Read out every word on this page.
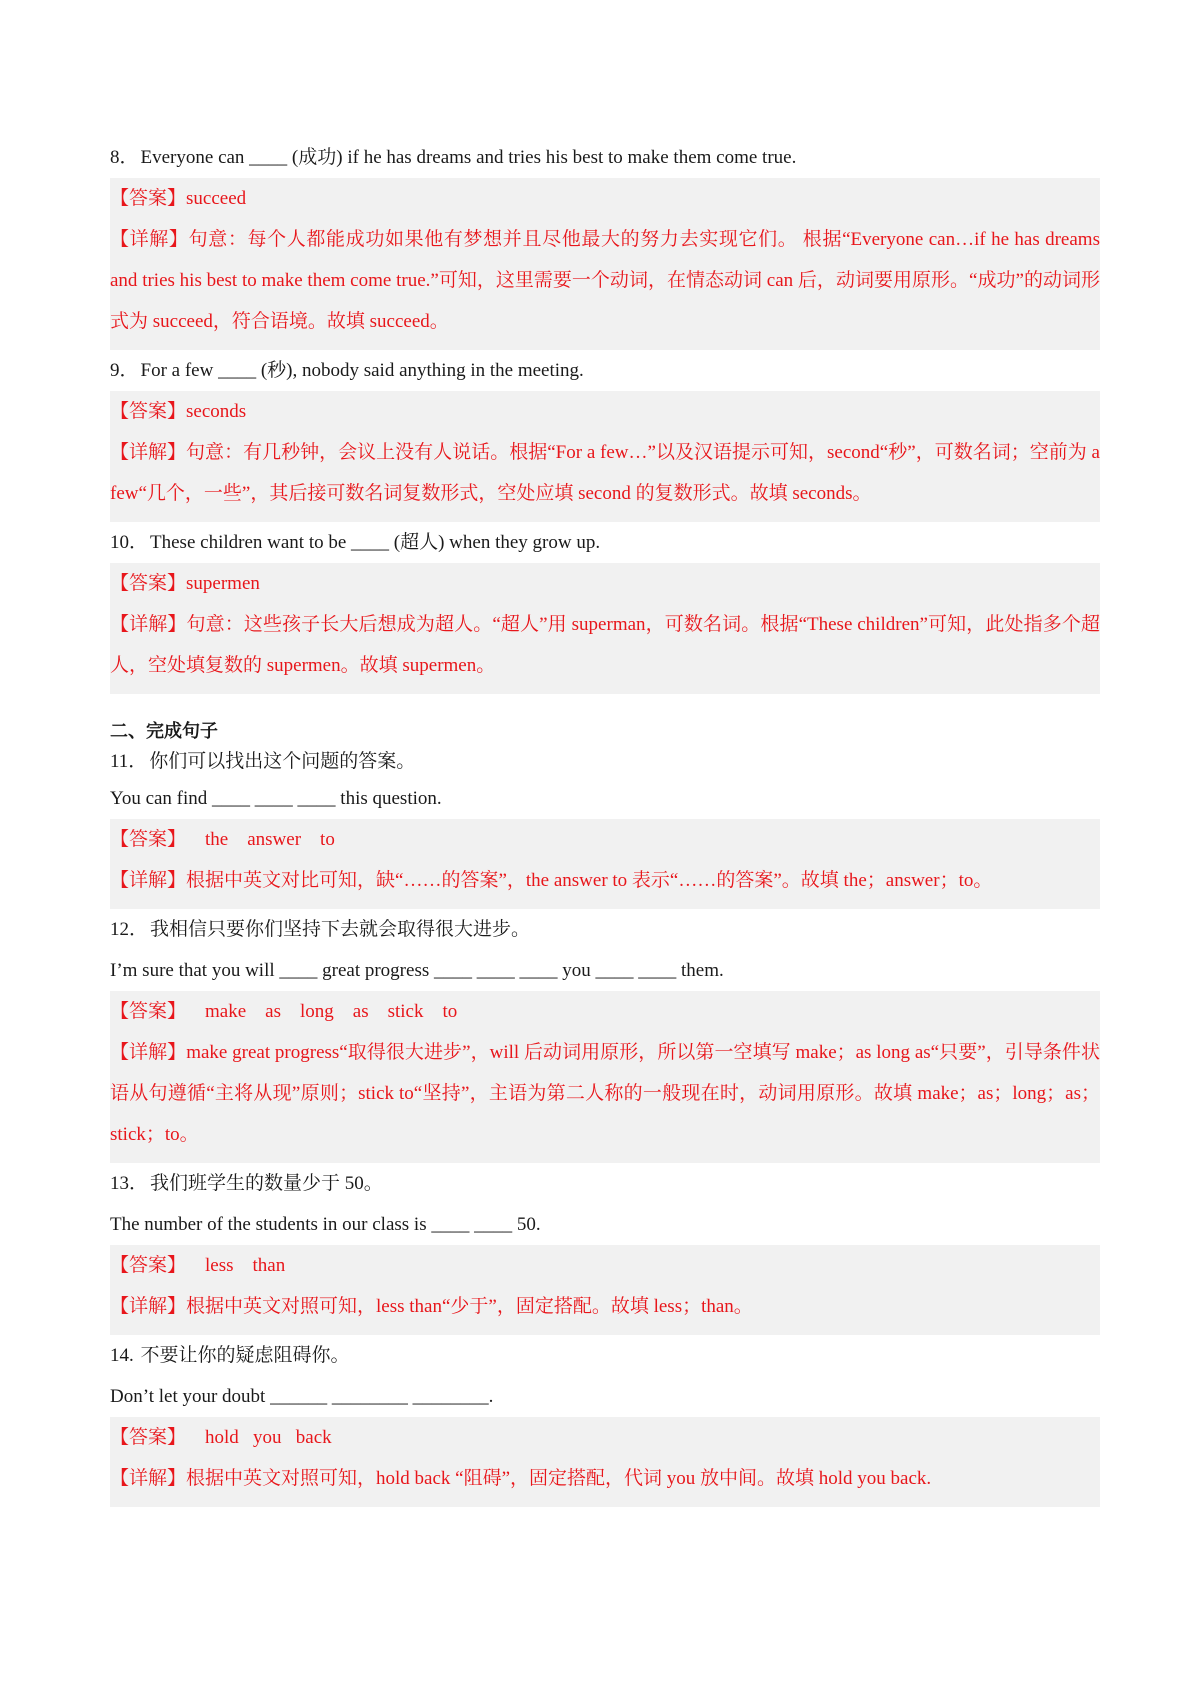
8． Everyone can ____ (成功) if he has dreams and tries his best to make them come true.
【答案】succeed
【详解】句意：每个人都能成功如果他有梦想并且尽他最大的努力去实现它们。 根据“Everyone can…if he has dreams and tries his best to make them come true.”可知，这里需要一个动词，在情态动词 can 后，动词要用原形。“成功”的动词形式为 succeed，符合语境。故填 succeed。
9． For a few ____ (秒), nobody said anything in the meeting.
【答案】seconds
【详解】句意：有几秒钟，会议上没有人说话。根据“For a few…”以及汉语提示可知，second“秒”，可数名词；空前为 a few“几个，一些”，其后接可数名词复数形式，空处应填 second 的复数形式。故填 seconds。
10． These children want to be ____ (超人) when they grow up.
【答案】supermen
【详解】句意：这些孩子长大后想成为超人。“超人”用 superman，可数名词。根据“These children”可知，此处指多个超人，空处填复数的 supermen。故填 supermen。
二、完成句子
11． 你们可以找出这个问题的答案。
You can find ____ ____ ____ this question.
【答案】 the answer to
【详解】根据中英文对比可知，缺“……的答案”，the answer to 表示“……的答案”。故填 the；answer；to。
12． 我相信只要你们坚持下去就会取得很大进步。
I’m sure that you will ____ great progress ____ ____ ____ you ____ ____ them.
【答案】 make as long as stick to
【详解】make great progress“取得很大进步”，will 后动词用原形，所以第一空填写 make；as long as“只要”，引导条件状语从句遵循“主将从现”原则；stick to“坚持”，主语为第二人称的一般现在时，动词用原形。故填 make；as；long；as；stick；to。
13． 我们班学生的数量少于 50。
The number of the students in our class is ____ ____ 50.
【答案】 less than
【详解】根据中英文对照可知，less than“少于”，固定搭配。故填 less；than。
14. 不要让你的疑虑阻碍你。
Don’t let your doubt ______ ________ ________.
【答案】 hold you back
【详解】根据中英文对照可知，hold back “阻碍”，固定搭配，代词 you 放中间。故填 hold you back.
